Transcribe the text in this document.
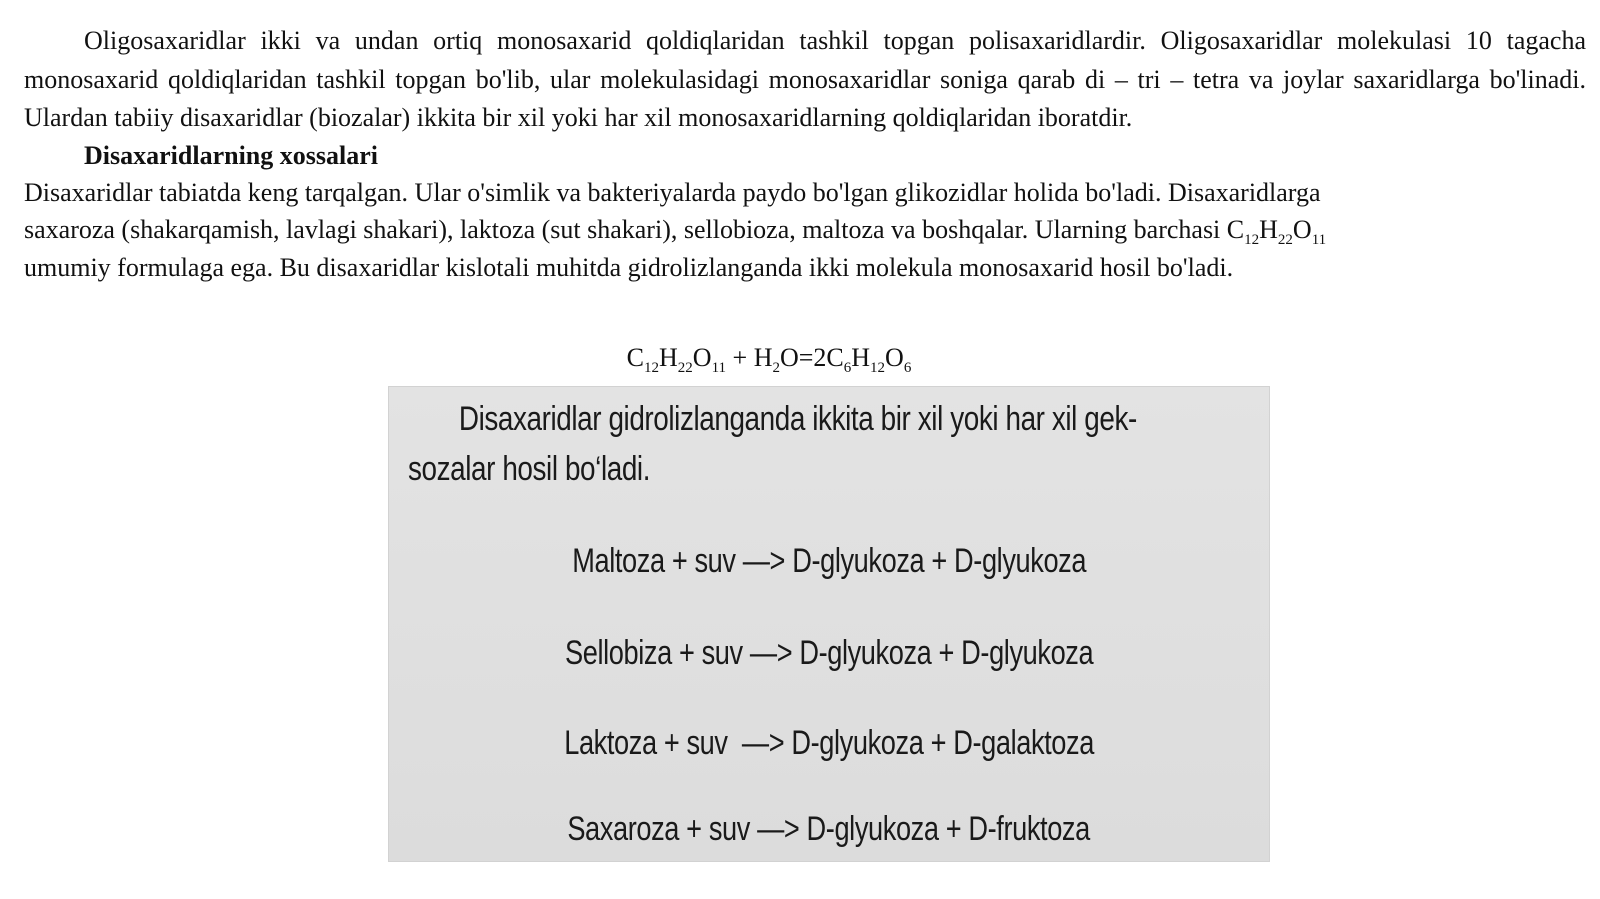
Oligosaxaridlar ikki va undan ortiq monosaxarid qoldiqlaridan tashkil topgan polisaxaridlardir. Oligosaxaridlar molekulasi 10 tagacha monosaxarid qoldiqlaridan tashkil topgan bo'lib, ular molekulasidagi monosaxaridlar soniga qarab di – tri – tetra va joylar saxaridlarga bo'linadi. Ulardan tabiiy disaxaridlar (biozalar) ikkita bir xil yoki har xil monosaxaridlarning qoldiqlaridan iboratdir.

Disaxaridlarning xossalari

Disaxaridlar tabiatda keng tarqalgan. Ular o'simlik va bakteriyalarda paydo bo'lgan glikozidlar holida bo'ladi. Disaxaridlarga
saxaroza (shakarqamish, lavlagi shakari), laktoza (sut shakari), sellobioza, maltoza va boshqalar. Ularning barchasi $C_{12}H_{22}O_{11}$
umumiy formulaga ega. Bu disaxaridlar kislotali muhitda gidrolizlanganda ikki molekula monosaxarid hosil bo'ladi.

$C_{12}H_{22}O_{11} + H_2O=2C_6H_{12}O_6$
Disaxaridlar gidrolizlanganda ikkita bir xil yoki har xil gek-
sozalar hosil bo‘ladi.
Maltoza + suv —> D-glyukoza + D-glyukoza
Sellobiza + suv —> D-glyukoza + D-glyukoza
Laktoza + suv  —> D-glyukoza + D-galaktoza
Saxaroza + suv —> D-glyukoza + D-fruktoza
